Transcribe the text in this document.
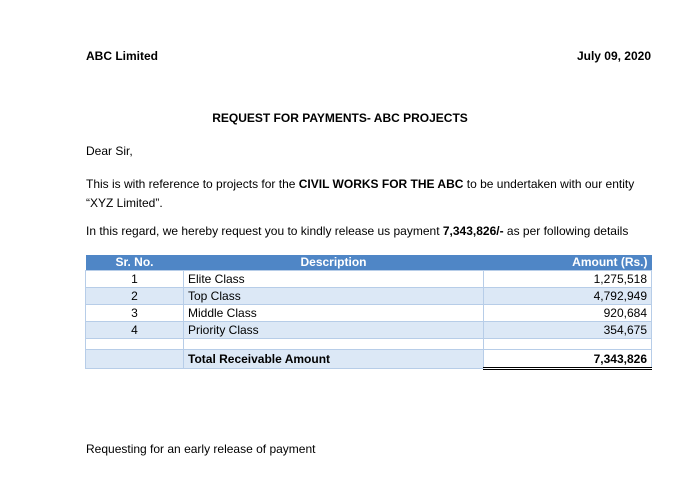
ABC Limited	July 09, 2020
REQUEST FOR PAYMENTS- ABC PROJECTS
Dear Sir,
This is with reference to projects for the CIVIL WORKS FOR THE ABC to be undertaken with our entity “XYZ Limited”.
In this regard, we hereby request you to kindly release us payment 7,343,826/- as per following details
Sr. No.	Description	Amount (Rs.)
1	Elite Class	1,275,518
2	Top Class	4,792,949
3	Middle Class	920,684
4	Priority Class	354,675

	Total Receivable Amount	7,343,826
Requesting for an early release of payment
